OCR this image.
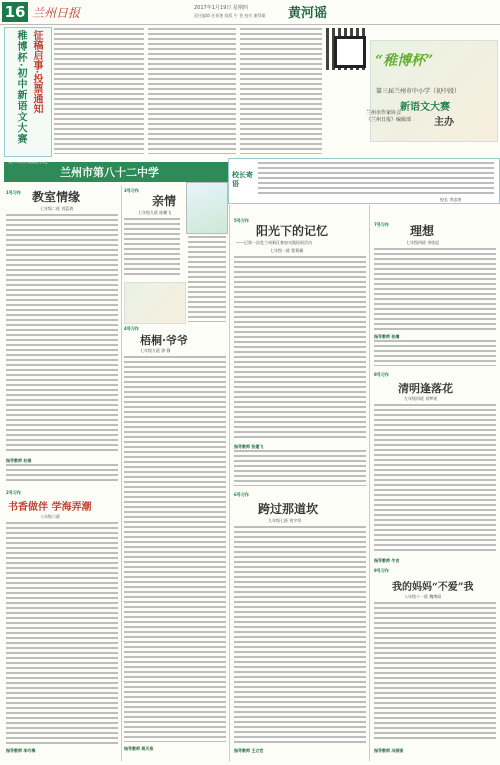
16 兰州日报	2017年1月19日 星期四
责任编辑 任春艳 组版 牛 苍 校对 谢得雄 黄河谣
稚博杯·初中新语文大赛 征稿启事·投票通知	“稚博杯”
第三届兰州市中小学（初中段）
新语文大赛
兰州市作家协会
《兰州日报》编辑部 主办
第三期作品展示之
兰州市第八十二中学	校长寄语
校长 李忠康
1号习作 教室情缘
七年级二班 刘蓝倩
指导教师 杜娟
2号习作
书香做伴 学海弄潮
八年级六班
指导教师 李巧梅
3号习作
亲情
七年级九班 陈鹏飞
4号习作
梧桐·爷爷
七年级九班 徐 静
指导教师 蒋天泉
5号习作
阳光下的记忆
——记第一次赴兰州新区参加实践拓展活动
七年级一班 程莉珊
指导教师 张建飞
6号习作
跨过那道坎
九年级七班 刘宇昂
指导教师 王立宏
7号习作 理想
七年级四班 李欣妃
指导教师 张婧
8号习作
清明逢落花
九年级四班 刘梦瑶
指导教师 牛吉
9号习作
我的妈妈“不爱”我
八年级十一班 魏博闻
指导教师 冯丽丽
